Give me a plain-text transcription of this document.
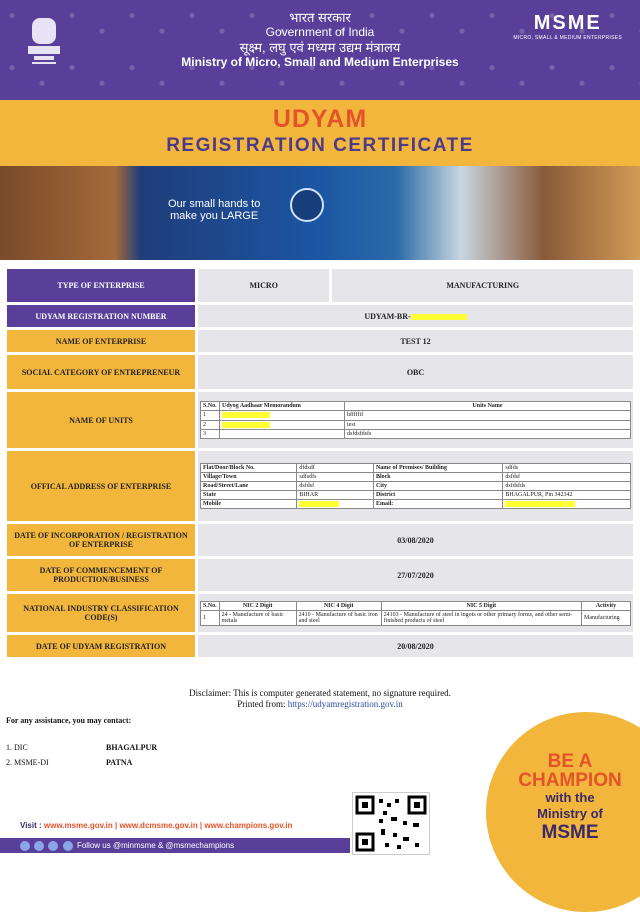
भारत सरकार
Government of India
सूक्ष्म, लघु एवं मध्यम उद्यम मंत्रालय
Ministry of Micro, Small and Medium Enterprises
MSME
MICRO, SMALL & MEDIUM ENTERPRISES
UDYAM
REGISTRATION CERTIFICATE
Our small hands to
make you LARGE
TYPE OF ENTERPRISE	MICRO	MANUFACTURING
UDYAM REGISTRATION NUMBER	UDYAM-BR-
NAME OF ENTERPRISE	TEST 12
SOCIAL CATEGORY OF ENTREPRENEUR	OBC
NAME OF UNITS	
S.No.	Udyog Aadhaar Memorandum	Units Name
1		hfffffif
2		test
3		dsfdsfdsfs

OFFICAL ADDRESS OF ENTERPRISE	
Flat/Door/Block No.	dfdsdf	Name of Premises/ Building	sdfds
Village/Town	sdfsdfs	Block	dsfdsf
Road/Street/Lane	dsfdsf	City	dsfdsfds
State	BIHAR	District	BHAGALPUR, Pin 342342
Mobile		Email:	

DATE OF INCORPORATION / REGISTRATION OF ENTERPRISE	03/08/2020
DATE OF COMMENCEMENT OF PRODUCTION/BUSINESS	27/07/2020
NATIONAL INDUSTRY CLASSIFICATION CODE(S)	
S.No.	NIC 2 Digit	NIC 4 Digit	NIC 5 Digit	Activity
1	24 - Manufacture of basic metals	2410 - Manufacture of basic iron and steel	24103 - Manufacture of steel in ingots or other primary forms, and other semi-finished products of steel	Manufacturing

DATE OF UDYAM REGISTRATION	20/08/2020
Disclaimer: This is computer generated statement, no signature required.
Printed from: https://udyamregistration.gov.in
For any assistance, you may contact:
1. DIC	BHAGALPUR
2. MSME-DI	PATNA	BE A
CHAMPION
with the
Ministry of
MSME
Visit : www.msme.gov.in | www.dcmsme.gov.in | www.champions.gov.in
Follow us @minmsme & @msmechampions
